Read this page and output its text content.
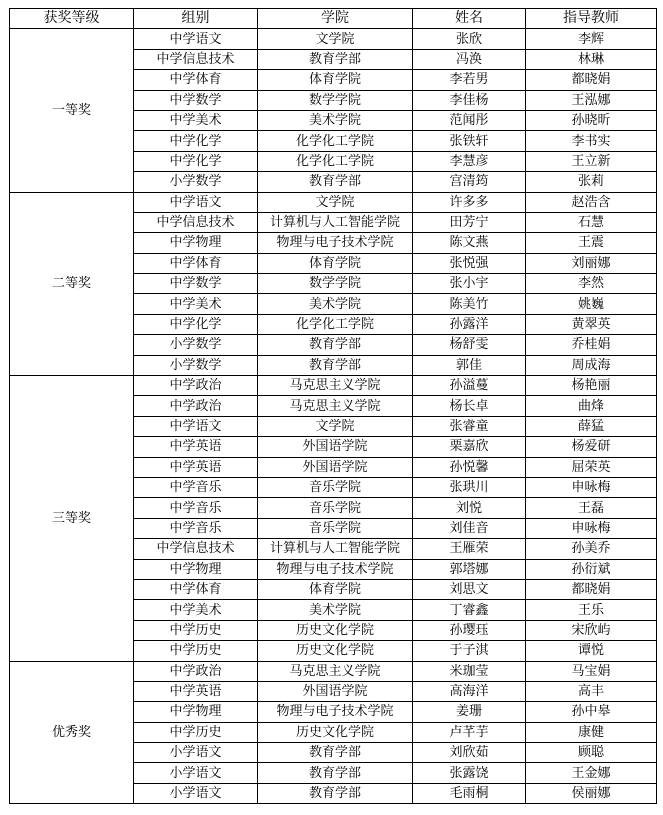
获奖等级	组别	学院	姓名	指导教师
一等奖	中学语文	文学院	张欣	李辉
	中学信息技术	教育学部	冯涣	林琳
	中学体育	体育学院	李若男	都晓娟
	中学数学	数学学院	李佳杨	王泓娜
	中学美术	美术学院	范闻彤	孙晓昕
	中学化学	化学化工学院	张铁轩	李书实
	中学化学	化学化工学院	李慧彦	王立新
	小学数学	教育学部	宫清筠	张莉
二等奖	中学语文	文学院	许多多	赵浩含
	中学信息技术	计算机与人工智能学院	田芳宁	石慧
	中学物理	物理与电子技术学院	陈文燕	王震
	中学体育	体育学院	张悦强	刘丽娜
	中学数学	数学学院	张小宇	李然
	中学美术	美术学院	陈美竹	姚巍
	中学化学	化学化工学院	孙露洋	黄翠英
	小学数学	教育学部	杨舒雯	乔桂娟
	小学数学	教育学部	郭佳	周成海
三等奖	中学政治	马克思主义学院	孙溢蔓	杨艳丽
	中学政治	马克思主义学院	杨长卓	曲烽
	中学语文	文学院	张睿童	薛猛
	中学英语	外国语学院	栗嘉欣	杨爱研
	中学英语	外国语学院	孙悦馨	屈荣英
	中学音乐	音乐学院	张珙川	申咏梅
	中学音乐	音乐学院	刘悦	王磊
	中学音乐	音乐学院	刘佳音	申咏梅
	中学信息技术	计算机与人工智能学院	王雁荣	孙美乔
	中学物理	物理与电子技术学院	郭塔娜	孙衍斌
	中学体育	体育学院	刘思文	都晓娟
	中学美术	美术学院	丁睿鑫	王乐
	中学历史	历史文化学院	孙璎珏	宋欣屿
	中学历史	历史文化学院	于子淇	谭悦
优秀奖	中学政治	马克思主义学院	米珈莹	马宝娟
	中学英语	外国语学院	高海洋	高丰
	中学物理	物理与电子技术学院	姜珊	孙中皋
	中学历史	历史文化学院	卢芊芋	康健
	小学语文	教育学部	刘欣茹	顾聪
	小学语文	教育学部	张露饶	王金娜
	小学语文	教育学部	毛雨桐	侯丽娜
